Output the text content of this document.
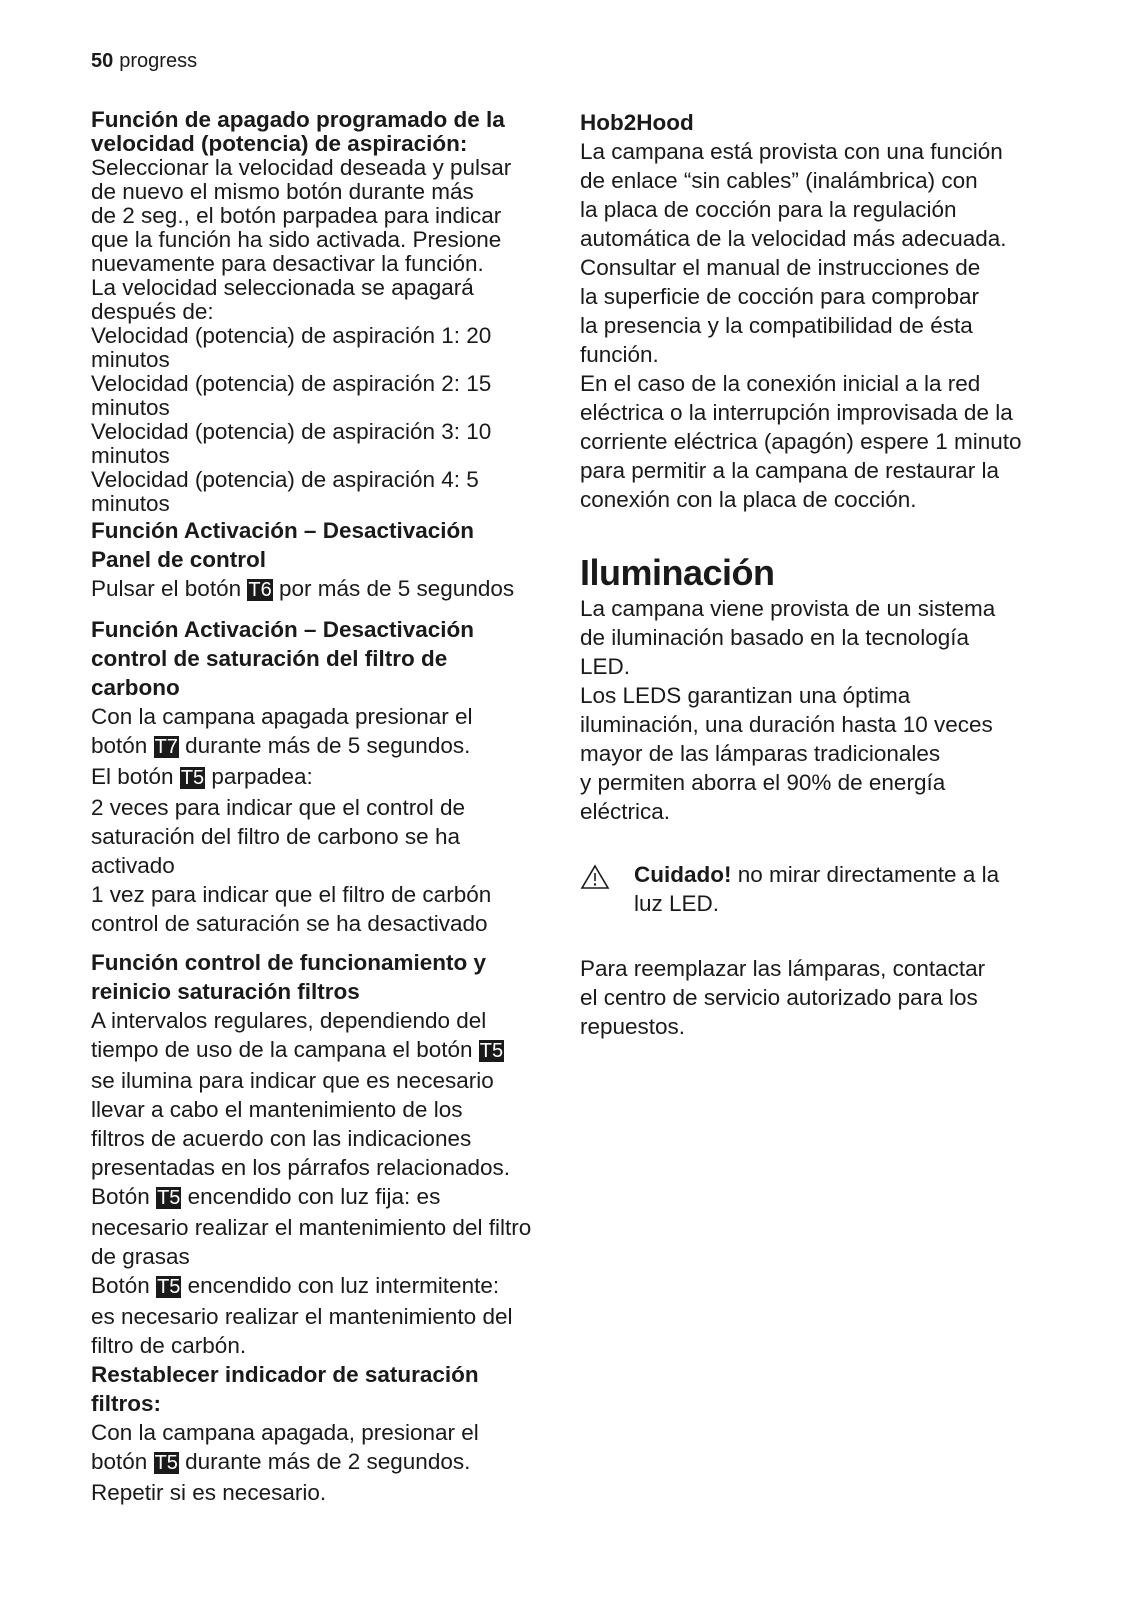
50 progress
Función de apagado programado de la
velocidad (potencia) de aspiración:
Seleccionar la velocidad deseada y pulsar
de nuevo el mismo botón durante más
de 2 seg., el botón parpadea para indicar
que la función ha sido activada. Presione
nuevamente para desactivar la función.
La velocidad seleccionada se apagará
después de:
Velocidad (potencia) de aspiración 1: 20
minutos
Velocidad (potencia) de aspiración 2: 15
minutos
Velocidad (potencia) de aspiración 3: 10
minutos
Velocidad (potencia) de aspiración 4: 5
minutos
Función Activación – Desactivación
Panel de control
Pulsar el botón T6 por más de 5 segundos
Función Activación – Desactivación
control de saturación del filtro de
carbono
Con la campana apagada presionar el
botón T7 durante más de 5 segundos.
El botón T5 parpadea:
2 veces para indicar que el control de
saturación del filtro de carbono se ha
activado
1 vez para indicar que el filtro de carbón
control de saturación se ha desactivado
Función control de funcionamiento y
reinicio saturación filtros
A intervalos regulares, dependiendo del
tiempo de uso de la campana el botón T5
se ilumina para indicar que es necesario
llevar a cabo el mantenimiento de los
filtros de acuerdo con las indicaciones
presentadas en los párrafos relacionados.
Botón T5 encendido con luz fija: es
necesario realizar el mantenimiento del filtro
de grasas
Botón T5 encendido con luz intermitente:
es necesario realizar el mantenimiento del
filtro de carbón.
Restablecer indicador de saturación
filtros:
Con la campana apagada, presionar el
botón T5 durante más de 2 segundos.
Repetir si es necesario.
Hob2Hood
La campana está provista con una función
de enlace “sin cables” (inalámbrica) con
la placa de cocción para la regulación
automática de la velocidad más adecuada.
Consultar el manual de instrucciones de
la superficie de cocción para comprobar
la presencia y la compatibilidad de ésta
función.
En el caso de la conexión inicial a la red
eléctrica o la interrupción improvisada de la
corriente eléctrica (apagón) espere 1 minuto
para permitir a la campana de restaurar la
conexión con la placa de cocción.
Iluminación
La campana viene provista de un sistema
de iluminación basado en la tecnología
LED.
Los LEDS garantizan una óptima
iluminación, una duración hasta 10 veces
mayor de las lámparas tradicionales
y permiten aborra el 90% de energía
eléctrica.
Cuidado! no mirar directamente a la
luz LED.
Para reemplazar las lámparas, contactar
el centro de servicio autorizado para los
repuestos.
